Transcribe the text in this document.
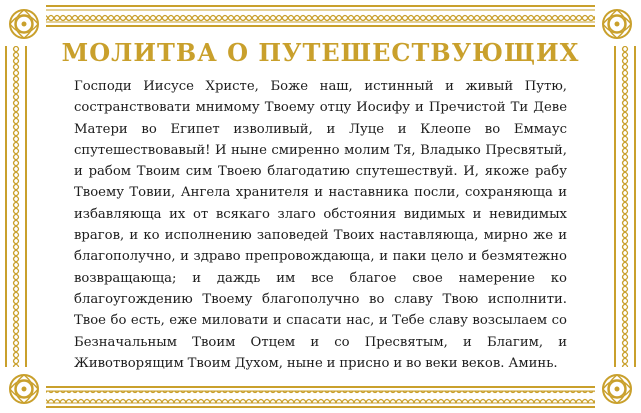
МОЛИТВА О ПУТЕШЕСТВУЮЩИХ

Господи Иисусе Христе, Боже наш, истинный и живый Путю, сострaнствовати мнимому Твоему отцу Иосифу и Пречистой Ти Деве Матери во Египет изволивый, и Луце и Клеопе во Еммаус спутешествовавый! И ныне смиренно молим Тя, Владыко Пресвятый, и рабом Твоим сим Твоею благодатию спутешествуй. И, якоже рабу Твоему Товии, Ангела хранителя и наставника посли, сохраняюща и избавляюща их от всякаго злаго обстояния видимых и невидимых врагов, и ко исполнению заповедей Твоих наставляюща, мирно же и благополучно, и здраво препровождающа, и паки цело и безмятежно возвращающа; и даждь им все благое свое намерение ко благоугождению Твоему благополучно во славу Твою исполнити. Твое бо есть, еже миловати и спасати нас, и Тебе славу возсылаем со Безначальным Твоим Отцем и со Пресвятым, и Благим, и Животворящим Твоим Духом, ныне и присно и во веки веков. Аминь.
